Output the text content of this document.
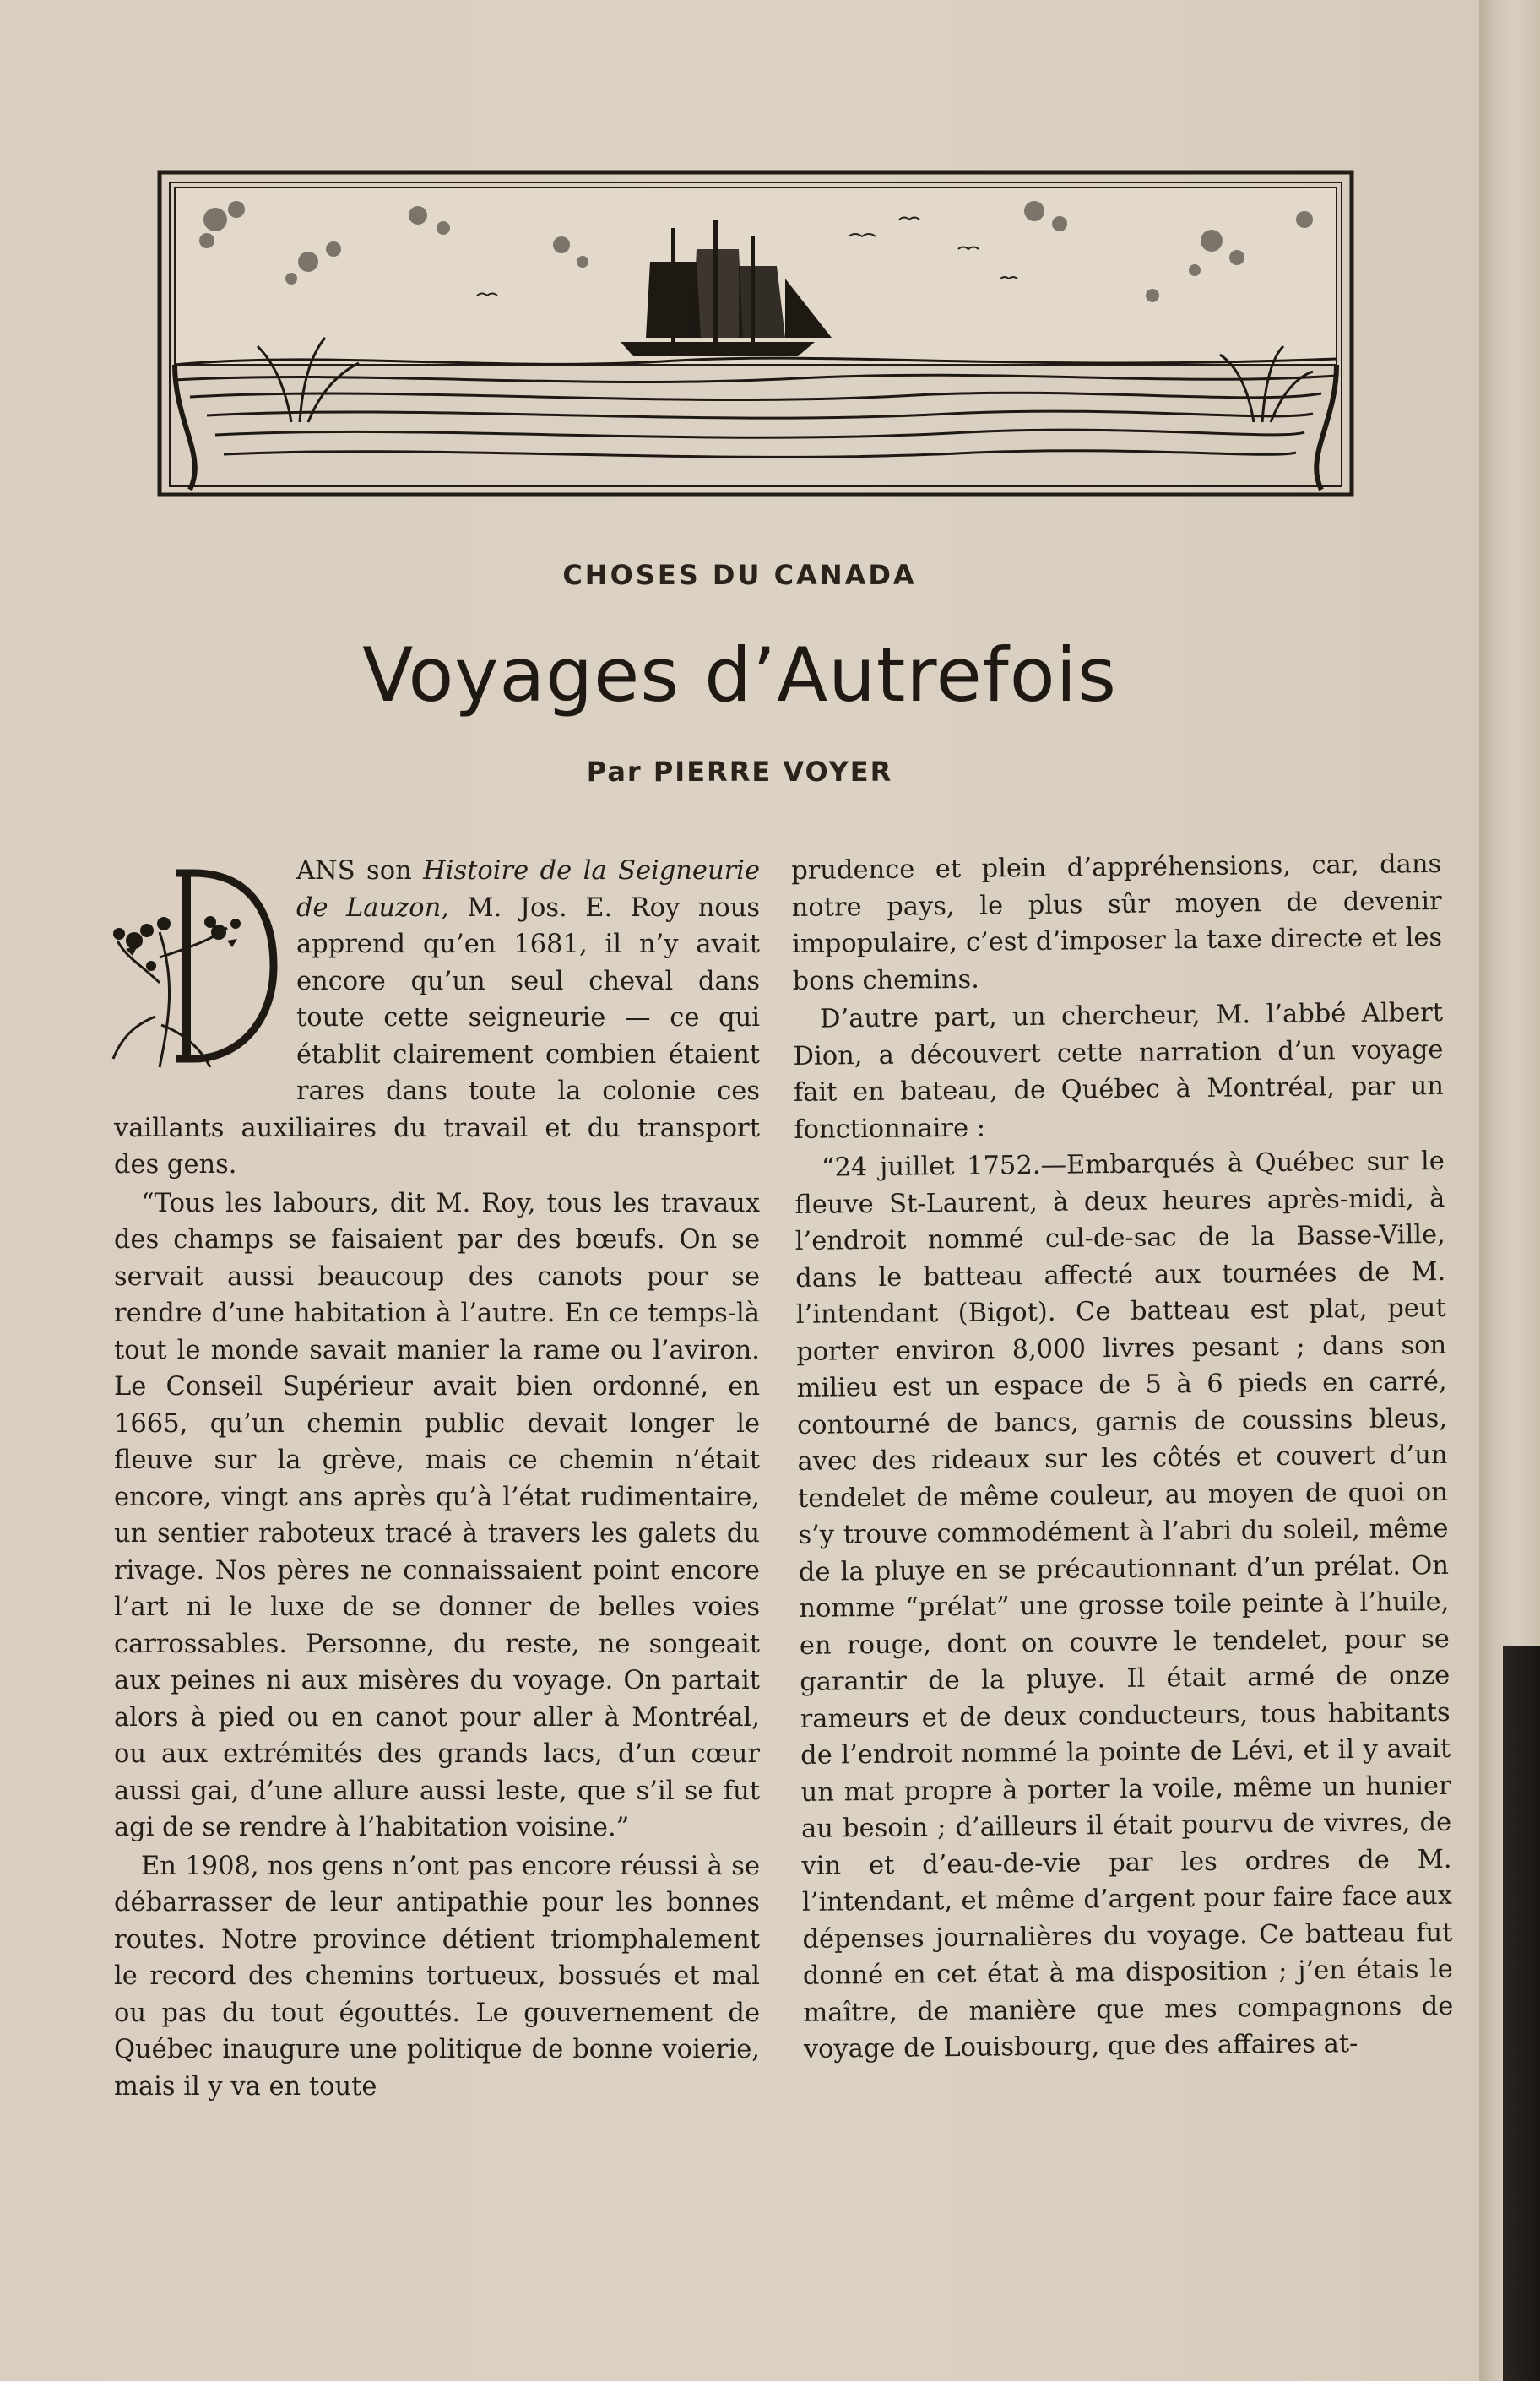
CHOSES DU CANADA
Voyages d’Autrefois
Par PIERRE VOYER

ANS son Histoire de la Seigneurie de Lauzon, M. Jos. E. Roy nous apprend qu’en 1681, il n’y avait encore qu’un seul cheval dans toute cette seigneurie — ce qui établit clairement combien étaient rares dans toute la colonie ces vaillants auxiliaires du travail et du transport des gens.

“Tous les labours, dit M. Roy, tous les travaux des champs se faisaient par des bœufs. On se servait aussi beaucoup des canots pour se rendre d’une habitation à l’autre. En ce temps-là tout le monde savait manier la rame ou l’aviron. Le Conseil Supérieur avait bien ordonné, en 1665, qu’un chemin public devait longer le fleuve sur la grève, mais ce chemin n’était encore, vingt ans après qu’à l’état rudimentaire, un sentier raboteux tracé à travers les galets du rivage. Nos pères ne connaissaient point encore l’art ni le luxe de se donner de belles voies carrossables. Personne, du reste, ne songeait aux peines ni aux misères du voyage. On partait alors à pied ou en canot pour aller à Montréal, ou aux extrémités des grands lacs, d’un cœur aussi gai, d’une allure aussi leste, que s’il se fut agi de se rendre à l’habitation voisine.”

En 1908, nos gens n’ont pas encore réussi à se débarrasser de leur antipathie pour les bonnes routes. Notre province détient triomphalement le record des chemins tortueux, bossués et mal ou pas du tout égouttés. Le gouvernement de Québec inaugure une politique de bonne voierie, mais il y va en toute

prudence et plein d’appréhensions, car, dans notre pays, le plus sûr moyen de devenir impopulaire, c’est d’imposer la taxe directe et les bons chemins.

D’autre part, un chercheur, M. l’abbé Albert Dion, a découvert cette narration d’un voyage fait en bateau, de Québec à Montréal, par un fonctionnaire :

“24 juillet 1752.—Embarqués à Québec sur le fleuve St-Laurent, à deux heures après-midi, à l’endroit nommé cul-de-sac de la Basse-Ville, dans le batteau affecté aux tournées de M. l’intendant (Bigot). Ce batteau est plat, peut porter environ 8,000 livres pesant ; dans son milieu est un espace de 5 à 6 pieds en carré, contourné de bancs, garnis de coussins bleus, avec des rideaux sur les côtés et couvert d’un tendelet de même couleur, au moyen de quoi on s’y trouve commodément à l’abri du soleil, même de la pluye en se précautionnant d’un prélat. On nomme “prélat” une grosse toile peinte à l’huile, en rouge, dont on couvre le tendelet, pour se garantir de la pluye. Il était armé de onze rameurs et de deux conducteurs, tous habitants de l’endroit nommé la pointe de Lévi, et il y avait un mat propre à porter la voile, même un hunier au besoin ; d’ailleurs il était pourvu de vivres, de vin et d’eau-de-vie par les ordres de M. l’intendant, et même d’argent pour faire face aux dépenses journalières du voyage. Ce batteau fut donné en cet état à ma disposition ; j’en étais le maître, de manière que mes compagnons de voyage de Louisbourg, que des affaires at-
